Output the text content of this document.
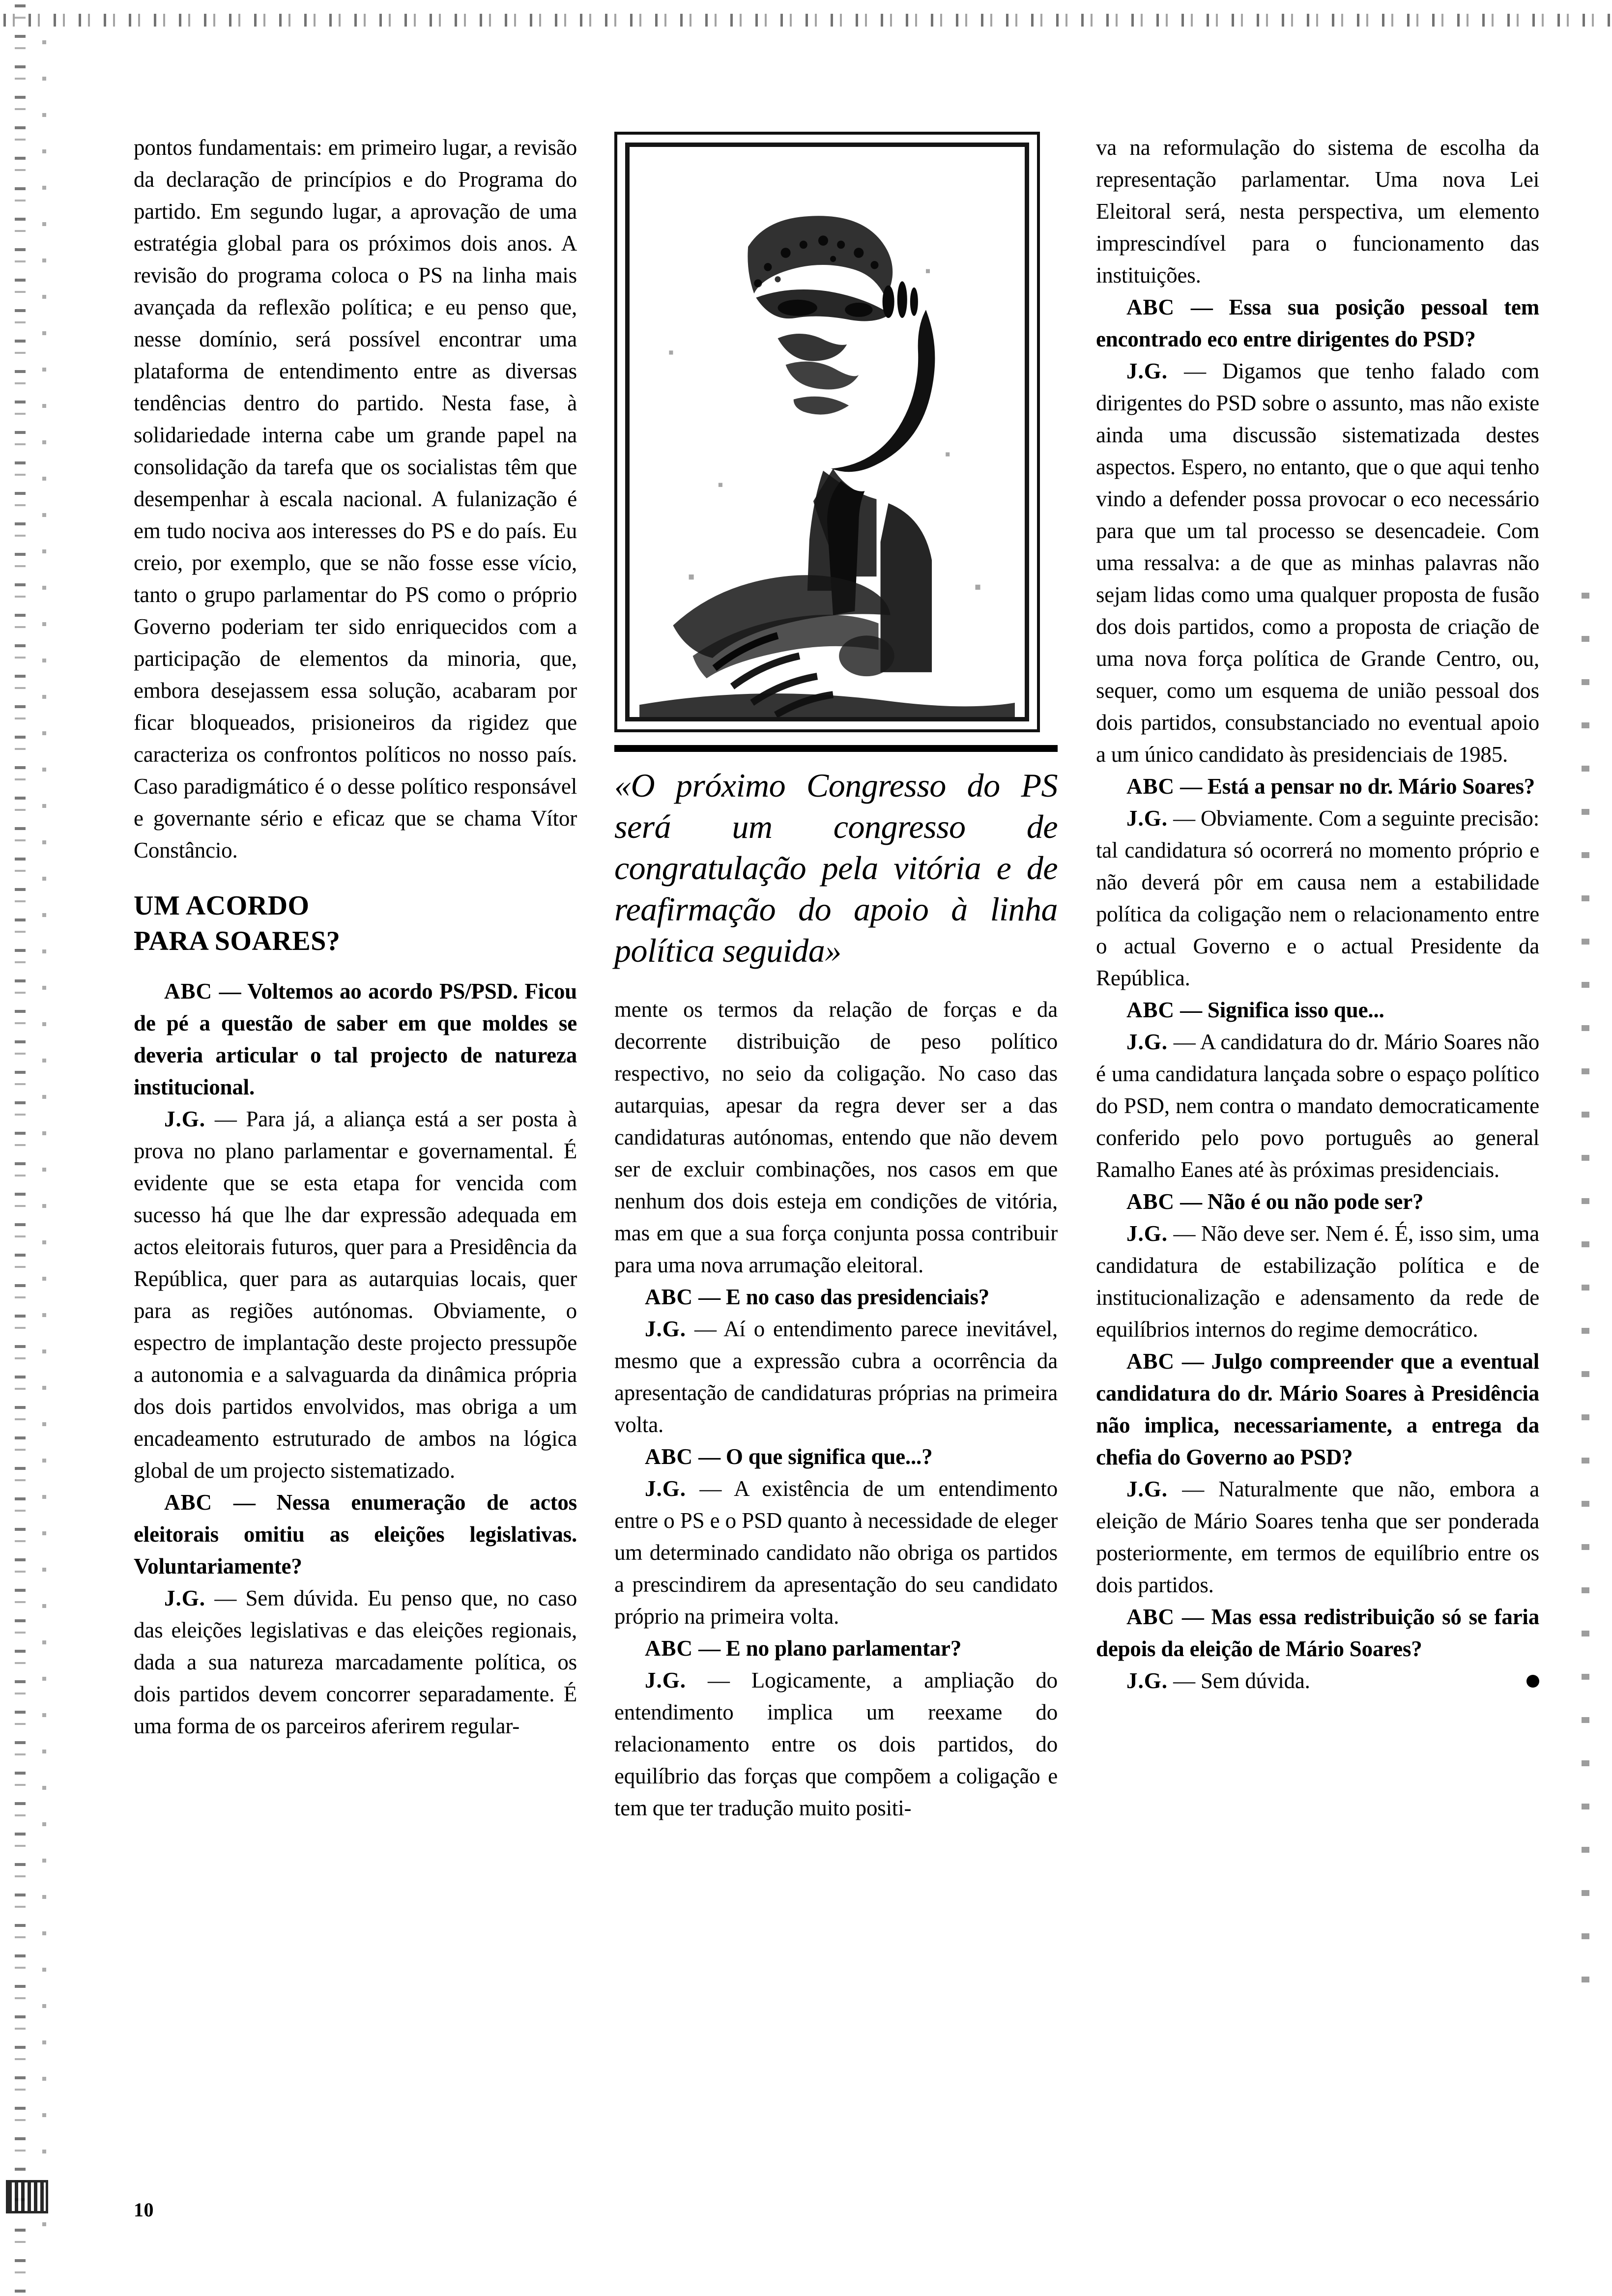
pontos fundamentais: em primeiro lugar, a revisão da declaração de princípios e do Programa do partido. Em segundo lugar, a aprovação de uma estratégia global para os próximos dois anos. A revisão do programa coloca o PS na linha mais avançada da reflexão política; e eu penso que, nesse domínio, será possível encontrar uma plataforma de entendimento entre as diversas tendências dentro do partido. Nesta fase, à solidariedade interna cabe um grande papel na consolidação da tarefa que os socialistas têm que desempenhar à escala nacional. A fulanização é em tudo nociva aos interesses do PS e do país. Eu creio, por exemplo, que se não fosse esse vício, tanto o grupo parlamentar do PS como o próprio Governo poderiam ter sido enriquecidos com a participação de elementos da minoria, que, embora desejassem essa solução, acabaram por ficar bloqueados, prisioneiros da rigidez que caracteriza os confrontos políticos no nosso país. Caso paradigmático é o desse político responsável e governante sério e eficaz que se chama Vítor Constâncio.

UM ACORDO
PARA SOARES?

ABC — Voltemos ao acordo PS/PSD. Ficou de pé a questão de saber em que moldes se deveria articular o tal projecto de natureza institucional.

J.G. — Para já, a aliança está a ser posta à prova no plano parlamentar e governamental. É evidente que se esta etapa for vencida com sucesso há que lhe dar expressão adequada em actos eleitorais futuros, quer para a Presidência da República, quer para as autarquias locais, quer para as regiões autónomas. Obviamente, o espectro de implantação deste projecto pressupõe a autonomia e a salvaguarda da dinâmica própria dos dois partidos envolvidos, mas obriga a um encadeamento estruturado de ambos na lógica global de um projecto sistematizado.

ABC — Nessa enumeração de actos eleitorais omitiu as eleições legislativas. Voluntariamente?

J.G. — Sem dúvida. Eu penso que, no caso das eleições legislativas e das eleições regionais, dada a sua natureza marcadamente política, os dois partidos devem concorrer separadamente. É uma forma de os parceiros aferirem regular-

«O próximo Congresso do PS será um congresso de congratulação pela vitória e de reafirmação do apoio à linha política seguida»

mente os termos da relação de forças e da decorrente distribuição de peso político respectivo, no seio da coligação. No caso das autarquias, apesar da regra dever ser a das candidaturas autónomas, entendo que não devem ser de excluir combinações, nos casos em que nenhum dos dois esteja em condições de vitória, mas em que a sua força conjunta possa contribuir para uma nova arrumação eleitoral.

ABC — E no caso das presidenciais?

J.G. — Aí o entendimento parece inevitável, mesmo que a expressão cubra a ocorrência da apresentação de candidaturas próprias na primeira volta.

ABC — O que significa que...?

J.G. — A existência de um entendimento entre o PS e o PSD quanto à necessidade de eleger um determinado candidato não obriga os partidos a prescindirem da apresentação do seu candidato próprio na primeira volta.

ABC — E no plano parlamentar?

J.G. — Logicamente, a ampliação do entendimento implica um reexame do relacionamento entre os dois partidos, do equilíbrio das forças que compõem a coligação e tem que ter tradução muito positi-

va na reformulação do sistema de escolha da representação parlamentar. Uma nova Lei Eleitoral será, nesta perspectiva, um elemento imprescindível para o funcionamento das instituições.

ABC — Essa sua posição pessoal tem encontrado eco entre dirigentes do PSD?

J.G. — Digamos que tenho falado com dirigentes do PSD sobre o assunto, mas não existe ainda uma discussão sistematizada destes aspectos. Espero, no entanto, que o que aqui tenho vindo a defender possa provocar o eco necessário para que um tal processo se desencadeie. Com uma ressalva: a de que as minhas palavras não sejam lidas como uma qualquer proposta de fusão dos dois partidos, como a proposta de criação de uma nova força política de Grande Centro, ou, sequer, como um esquema de união pessoal dos dois partidos, consubstanciado no eventual apoio a um único candidato às presidenciais de 1985.

ABC — Está a pensar no dr. Mário Soares?

J.G. — Obviamente. Com a seguinte precisão: tal candidatura só ocorrerá no momento próprio e não deverá pôr em causa nem a estabilidade política da coligação nem o relacionamento entre o actual Governo e o actual Presidente da República.

ABC — Significa isso que...

J.G. — A candidatura do dr. Mário Soares não é uma candidatura lançada sobre o espaço político do PSD, nem contra o mandato democraticamente conferido pelo povo português ao general Ramalho Eanes até às próximas presidenciais.

ABC — Não é ou não pode ser?

J.G. — Não deve ser. Nem é. É, isso sim, uma candidatura de estabilização política e de institucionalização e adensamento da rede de equilíbrios internos do regime democrático.

ABC — Julgo compreender que a eventual candidatura do dr. Mário Soares à Presidência não implica, necessariamente, a entrega da chefia do Governo ao PSD?

J.G. — Naturalmente que não, embora a eleição de Mário Soares tenha que ser ponderada posteriormente, em termos de equilíbrio entre os dois partidos.

ABC — Mas essa redistribuição só se faria depois da eleição de Mário Soares?

J.G. — Sem dúvida.

10
